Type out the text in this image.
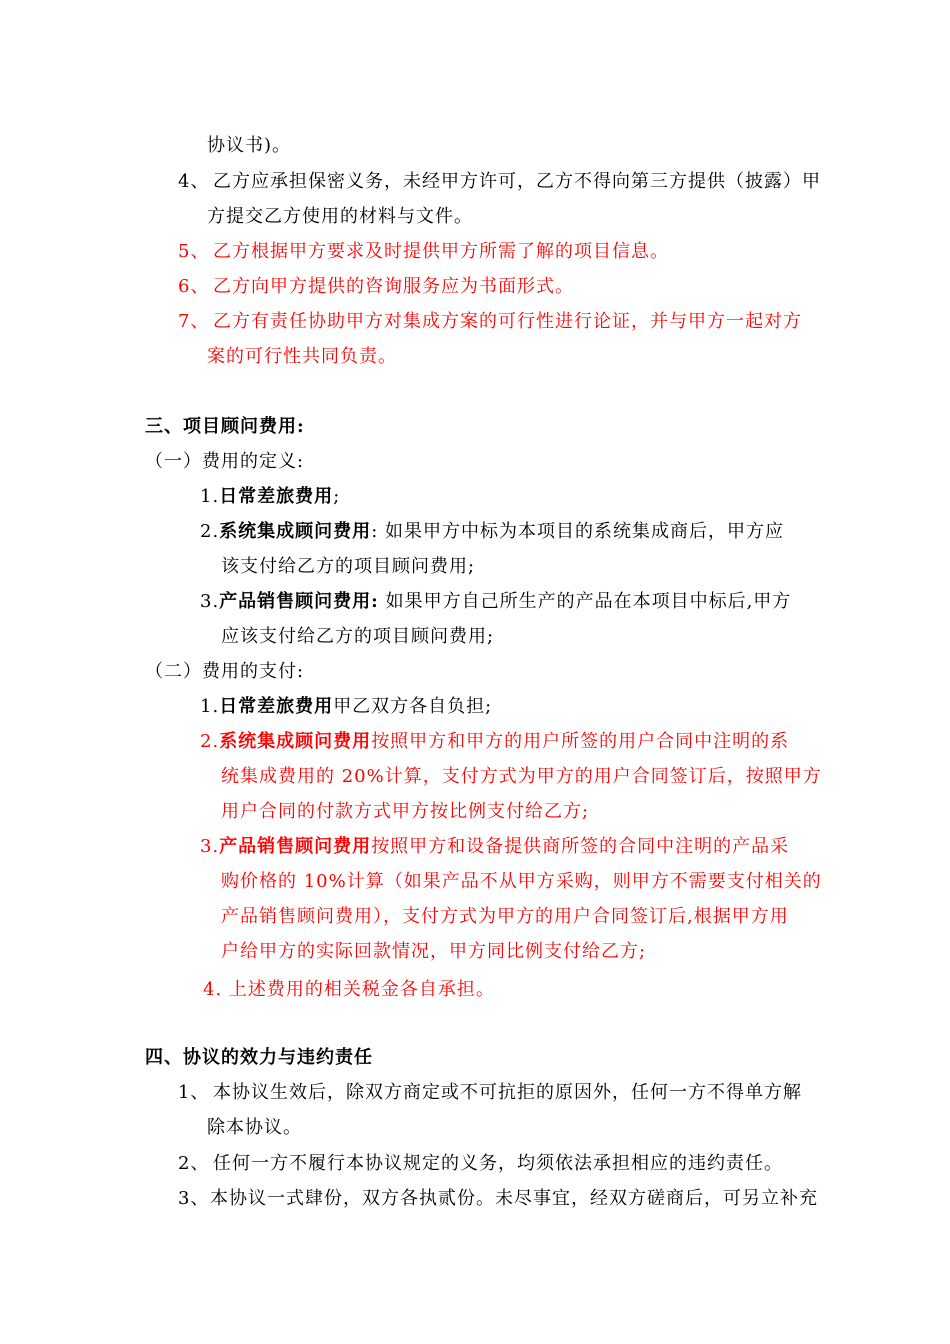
协议书)。
4、 乙方应承担保密义务，未经甲方许可，乙方不得向第三方提供（披露）甲
方提交乙方使用的材料与文件。
5、 乙方根据甲方要求及时提供甲方所需了解的项目信息。
6、 乙方向甲方提供的咨询服务应为书面形式。
7、 乙方有责任协助甲方对集成方案的可行性进行论证，并与甲方一起对方
案的可行性共同负责。
三、项目顾问费用:
（一）费用的定义:
1.日常差旅费用;
2.系统集成顾问费用: 如果甲方中标为本项目的系统集成商后，甲方应
该支付给乙方的项目顾问费用;
3.产品销售顾问费用: 如果甲方自己所生产的产品在本项目中标后,甲方
应该支付给乙方的项目顾问费用;
（二）费用的支付:
1.日常差旅费用甲乙双方各自负担;
2.系统集成顾问费用按照甲方和甲方的用户所签的用户合同中注明的系
统集成费用的 20%计算，支付方式为甲方的用户合同签订后，按照甲方
用户合同的付款方式甲方按比例支付给乙方;
3.产品销售顾问费用按照甲方和设备提供商所签的合同中注明的产品采
购价格的 10%计算（如果产品不从甲方采购，则甲方不需要支付相关的
产品销售顾问费用），支付方式为甲方的用户合同签订后,根据甲方用
户给甲方的实际回款情况，甲方同比例支付给乙方;
4. 上述费用的相关税金各自承担。
四、协议的效力与违约责任
1、 本协议生效后，除双方商定或不可抗拒的原因外，任何一方不得单方解
除本协议。
2、 任何一方不履行本协议规定的义务，均须依法承担相应的违约责任。
3、 本协议一式肆份，双方各执贰份。未尽事宜，经双方磋商后，可另立补充
